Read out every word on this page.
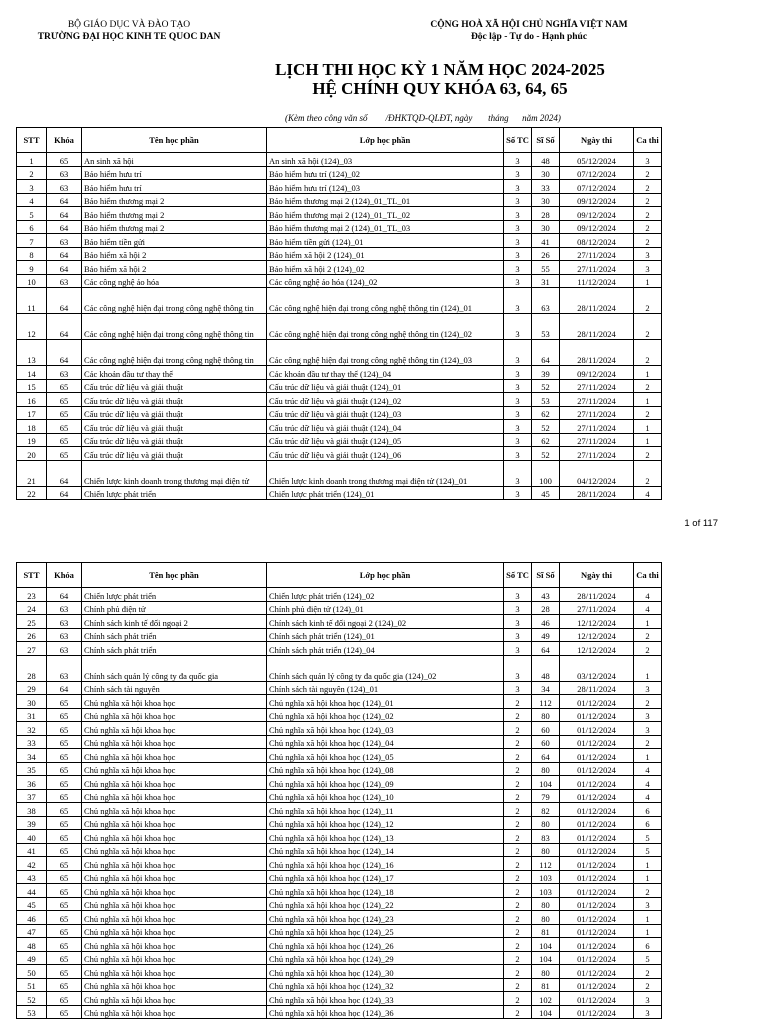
BỘ GIÁO DỤC VÀ ĐÀO TẠO
TRƯỜNG ĐẠI HỌC KINH TE QUOC DAN
CỘNG HOÀ XÃ HỘI CHỦ NGHĨA VIỆT NAM
Độc lập - Tự do - Hạnh phúc
LỊCH THI HỌC KỲ 1 NĂM HỌC 2024-2025
HỆ CHÍNH QUY KHÓA 63, 64, 65
(Kèm theo công văn số        /ĐHKTQD-QLĐT, ngày       tháng      năm 2024)
STT	Khóa	Tên học phần	Lớp học phần	Số TC	Sĩ Số	Ngày thi	Ca thi
1	65	An sinh xã hội	An sinh xã hội (124)_03	3	48	05/12/2024	3
2	63	Bảo hiểm hưu trí	Bảo hiểm hưu trí (124)_02	3	30	07/12/2024	2
3	63	Bảo hiểm hưu trí	Bảo hiểm hưu trí (124)_03	3	33	07/12/2024	2
4	64	Bảo hiểm thương mại 2	Bảo hiểm thương mại 2 (124)_01_TL_01	3	30	09/12/2024	2
5	64	Bảo hiểm thương mại 2	Bảo hiểm thương mại 2 (124)_01_TL_02	3	28	09/12/2024	2
6	64	Bảo hiểm thương mại 2	Bảo hiểm thương mại 2 (124)_01_TL_03	3	30	09/12/2024	2
7	63	Bảo hiểm tiền gửi	Bảo hiểm tiền gửi (124)_01	3	41	08/12/2024	2
8	64	Bảo hiểm xã hội 2	Bảo hiểm xã hội 2 (124)_01	3	26	27/11/2024	3
9	64	Bảo hiểm xã hội 2	Bảo hiểm xã hội 2 (124)_02	3	55	27/11/2024	3
10	63	Các công nghệ ảo hóa	Các công nghệ ảo hóa (124)_02	3	31	11/12/2024	1
11	64	Các công nghệ hiện đại trong công nghệ thông tin	Các công nghệ hiện đại trong công nghệ thông tin (124)_01	3	63	28/11/2024	2
12	64	Các công nghệ hiện đại trong công nghệ thông tin	Các công nghệ hiện đại trong công nghệ thông tin (124)_02	3	53	28/11/2024	2
13	64	Các công nghệ hiện đại trong công nghệ thông tin	Các công nghệ hiện đại trong công nghệ thông tin (124)_03	3	64	28/11/2024	2
14	63	Các khoản đầu tư thay thế	Các khoản đầu tư thay thế (124)_04	3	39	09/12/2024	1
15	65	Cấu trúc dữ liệu và giải thuật	Cấu trúc dữ liệu và giải thuật (124)_01	3	52	27/11/2024	2
16	65	Cấu trúc dữ liệu và giải thuật	Cấu trúc dữ liệu và giải thuật (124)_02	3	53	27/11/2024	1
17	65	Cấu trúc dữ liệu và giải thuật	Cấu trúc dữ liệu và giải thuật (124)_03	3	62	27/11/2024	2
18	65	Cấu trúc dữ liệu và giải thuật	Cấu trúc dữ liệu và giải thuật (124)_04	3	52	27/11/2024	1
19	65	Cấu trúc dữ liệu và giải thuật	Cấu trúc dữ liệu và giải thuật (124)_05	3	62	27/11/2024	1
20	65	Cấu trúc dữ liệu và giải thuật	Cấu trúc dữ liệu và giải thuật (124)_06	3	52	27/11/2024	2
21	64	Chiến lược kinh doanh trong thương mại điện tử	Chiến lược kinh doanh trong thương mại điện tử (124)_01	3	100	04/12/2024	2
22	64	Chiến lược phát triển	Chiến lược phát triển (124)_01	3	45	28/11/2024	4
1 of 117
STT	Khóa	Tên học phần	Lớp học phần	Số TC	Sĩ Số	Ngày thi	Ca thi
23	64	Chiến lược phát triển	Chiến lược phát triển (124)_02	3	43	28/11/2024	4
24	63	Chính phủ điện tử	Chính phủ điện tử (124)_01	3	28	27/11/2024	4
25	63	Chính sách kinh tế đối ngoại 2	Chính sách kinh tế đối ngoại 2 (124)_02	3	46	12/12/2024	1
26	63	Chính sách phát triển	Chính sách phát triển (124)_01	3	49	12/12/2024	2
27	63	Chính sách phát triển	Chính sách phát triển (124)_04	3	64	12/12/2024	2
28	63	Chính sách quản lý công ty đa quốc gia	Chính sách quản lý công ty đa quốc gia (124)_02	3	48	03/12/2024	1
29	64	Chính sách tài nguyên	Chính sách tài nguyên (124)_01	3	34	28/11/2024	3
30	65	Chủ nghĩa xã hội khoa học	Chủ nghĩa xã hội khoa học (124)_01	2	112	01/12/2024	2
31	65	Chủ nghĩa xã hội khoa học	Chủ nghĩa xã hội khoa học (124)_02	2	80	01/12/2024	3
32	65	Chủ nghĩa xã hội khoa học	Chủ nghĩa xã hội khoa học (124)_03	2	60	01/12/2024	3
33	65	Chủ nghĩa xã hội khoa học	Chủ nghĩa xã hội khoa học (124)_04	2	60	01/12/2024	2
34	65	Chủ nghĩa xã hội khoa học	Chủ nghĩa xã hội khoa học (124)_05	2	64	01/12/2024	1
35	65	Chủ nghĩa xã hội khoa học	Chủ nghĩa xã hội khoa học (124)_08	2	80	01/12/2024	4
36	65	Chủ nghĩa xã hội khoa học	Chủ nghĩa xã hội khoa học (124)_09	2	104	01/12/2024	4
37	65	Chủ nghĩa xã hội khoa học	Chủ nghĩa xã hội khoa học (124)_10	2	79	01/12/2024	4
38	65	Chủ nghĩa xã hội khoa học	Chủ nghĩa xã hội khoa học (124)_11	2	82	01/12/2024	6
39	65	Chủ nghĩa xã hội khoa học	Chủ nghĩa xã hội khoa học (124)_12	2	80	01/12/2024	6
40	65	Chủ nghĩa xã hội khoa học	Chủ nghĩa xã hội khoa học (124)_13	2	83	01/12/2024	5
41	65	Chủ nghĩa xã hội khoa học	Chủ nghĩa xã hội khoa học (124)_14	2	80	01/12/2024	5
42	65	Chủ nghĩa xã hội khoa học	Chủ nghĩa xã hội khoa học (124)_16	2	112	01/12/2024	1
43	65	Chủ nghĩa xã hội khoa học	Chủ nghĩa xã hội khoa học (124)_17	2	103	01/12/2024	1
44	65	Chủ nghĩa xã hội khoa học	Chủ nghĩa xã hội khoa học (124)_18	2	103	01/12/2024	2
45	65	Chủ nghĩa xã hội khoa học	Chủ nghĩa xã hội khoa học (124)_22	2	80	01/12/2024	3
46	65	Chủ nghĩa xã hội khoa học	Chủ nghĩa xã hội khoa học (124)_23	2	80	01/12/2024	1
47	65	Chủ nghĩa xã hội khoa học	Chủ nghĩa xã hội khoa học (124)_25	2	81	01/12/2024	1
48	65	Chủ nghĩa xã hội khoa học	Chủ nghĩa xã hội khoa học (124)_26	2	104	01/12/2024	6
49	65	Chủ nghĩa xã hội khoa học	Chủ nghĩa xã hội khoa học (124)_29	2	104	01/12/2024	5
50	65	Chủ nghĩa xã hội khoa học	Chủ nghĩa xã hội khoa học (124)_30	2	80	01/12/2024	2
51	65	Chủ nghĩa xã hội khoa học	Chủ nghĩa xã hội khoa học (124)_32	2	81	01/12/2024	2
52	65	Chủ nghĩa xã hội khoa học	Chủ nghĩa xã hội khoa học (124)_33	2	102	01/12/2024	3
53	65	Chủ nghĩa xã hội khoa học	Chủ nghĩa xã hội khoa học (124)_36	2	104	01/12/2024	3
